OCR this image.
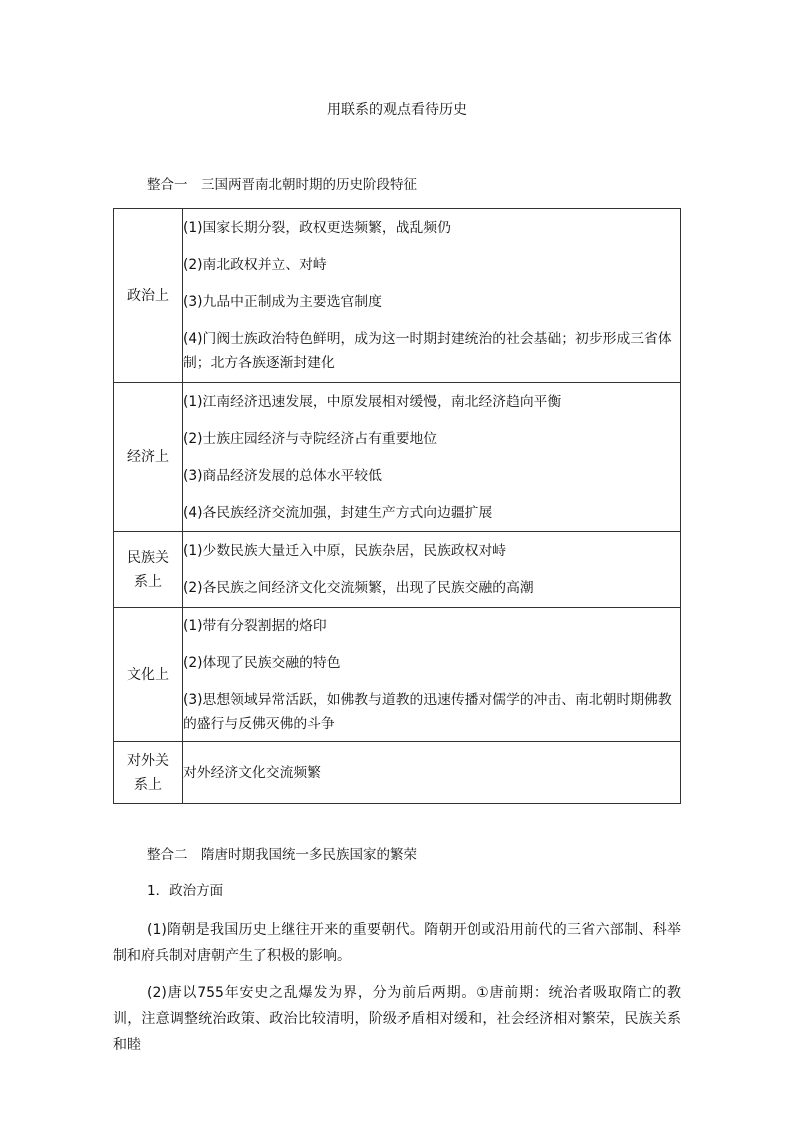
用联系的观点看待历史
整合一　三国两晋南北朝时期的历史阶段特征
政治上	(1)国家长期分裂，政权更迭频繁，战乱频仍
(2)南北政权并立、对峙
(3)九品中正制成为主要选官制度
(4)门阀士族政治特色鲜明，成为这一时期封建统治的社会基础；初步形成三省体制；北方各族逐渐封建化

经济上	(1)江南经济迅速发展，中原发展相对缓慢，南北经济趋向平衡
(2)士族庄园经济与寺院经济占有重要地位
(3)商品经济发展的总体水平较低
(4)各民族经济交流加强，封建生产方式向边疆扩展

民族关系上	(1)少数民族大量迁入中原，民族杂居，民族政权对峙
(2)各民族之间经济文化交流频繁，出现了民族交融的高潮

文化上	(1)带有分裂割据的烙印
(2)体现了民族交融的特色
(3)思想领域异常活跃，如佛教与道教的迅速传播对儒学的冲击、南北朝时期佛教的盛行与反佛灭佛的斗争

对外关系上	对外经济文化交流频繁
整合二　隋唐时期我国统一多民族国家的繁荣
1．政治方面
(1)隋朝是我国历史上继往开来的重要朝代。隋朝开创或沿用前代的三省六部制、科举制和府兵制对唐朝产生了积极的影响。
(2)唐以755年安史之乱爆发为界，分为前后两期。①唐前期：统治者吸取隋亡的教训，注意调整统治政策、政治比较清明，阶级矛盾相对缓和，社会经济相对繁荣，民族关系和睦
